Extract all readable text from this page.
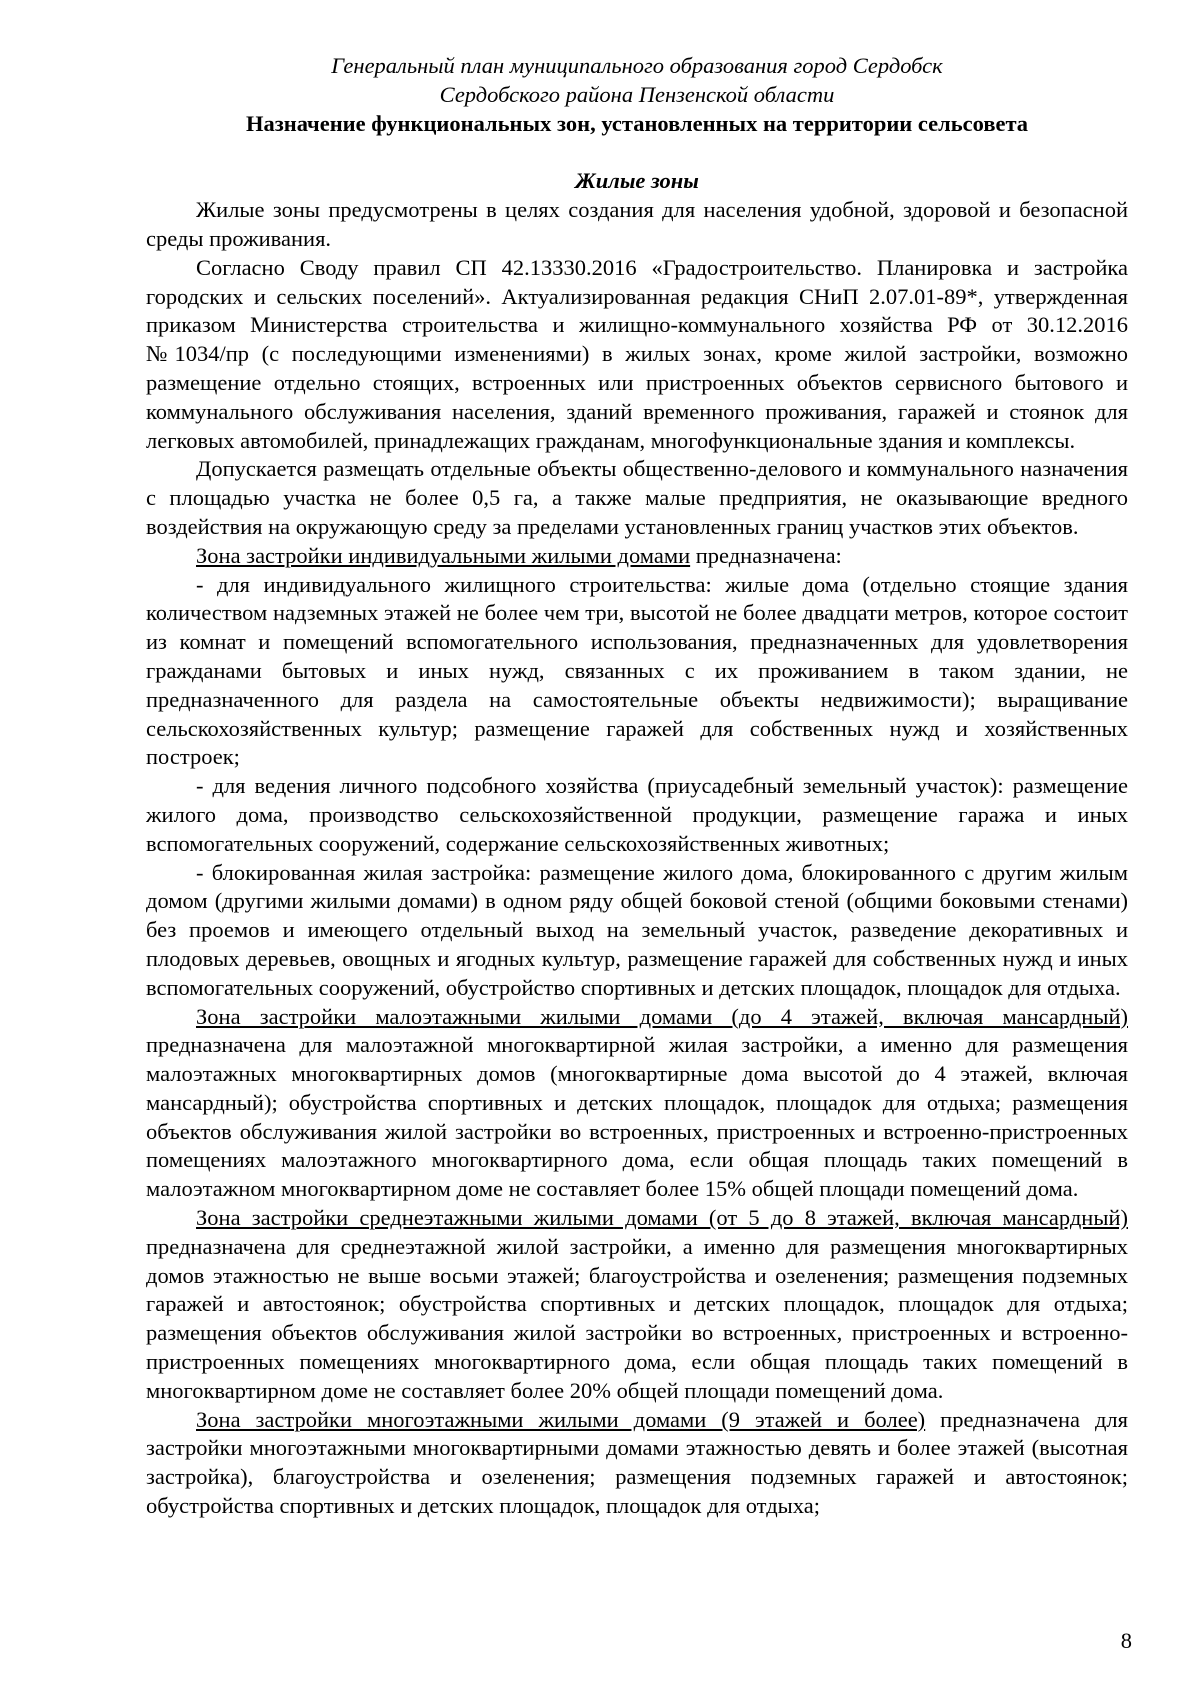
Генеральный план муниципального образования город Сердобск
Сердобского района Пензенской области
Назначение функциональных зон, установленных на территории сельсовета
Жилые зоны

Жилые зоны предусмотрены в целях создания для населения удобной, здоровой и безопасной среды проживания.

Согласно Своду правил СП 42.13330.2016 «Градостроительство. Планировка и застройка городских и сельских поселений». Актуализированная редакция СНиП 2.07.01-89*, утвержденная приказом Министерства строительства и жилищно-коммунального хозяйства РФ от 30.12.2016 №1034/пр (с последующими изменениями) в жилых зонах, кроме жилой застройки, возможно размещение отдельно стоящих, встроенных или пристроенных объектов сервисного бытового и коммунального обслуживания населения, зданий временного проживания, гаражей и стоянок для легковых автомобилей, принадлежащих гражданам, многофункциональные здания и комплексы.

Допускается размещать отдельные объекты общественно-делового и коммунального назначения с площадью участка не более 0,5 га, а также малые предприятия, не оказывающие вредного воздействия на окружающую среду за пределами установленных границ участков этих объектов.

Зона застройки индивидуальными жилыми домами предназначена:

- для индивидуального жилищного строительства: жилые дома (отдельно стоящие здания количеством надземных этажей не более чем три, высотой не более двадцати метров, которое состоит из комнат и помещений вспомогательного использования, предназначенных для удовлетворения гражданами бытовых и иных нужд, связанных с их проживанием в таком здании, не предназначенного для раздела на самостоятельные объекты недвижимости); выращивание сельскохозяйственных культур; размещение гаражей для собственных нужд и хозяйственных построек;

- для ведения личного подсобного хозяйства (приусадебный земельный участок): размещение жилого дома, производство сельскохозяйственной продукции, размещение гаража и иных вспомогательных сооружений, содержание сельскохозяйственных животных;

- блокированная жилая застройка: размещение жилого дома, блокированного с другим жилым домом (другими жилыми домами) в одном ряду общей боковой стеной (общими боковыми стенами) без проемов и имеющего отдельный выход на земельный участок, разведение декоративных и плодовых деревьев, овощных и ягодных культур, размещение гаражей для собственных нужд и иных вспомогательных сооружений, обустройство спортивных и детских площадок, площадок для отдыха.

Зона застройки малоэтажными жилыми домами (до 4 этажей, включая мансардный) предназначена для малоэтажной многоквартирной жилая застройки, а именно для размещения малоэтажных многоквартирных домов (многоквартирные дома высотой до 4 этажей, включая мансардный); обустройства спортивных и детских площадок, площадок для отдыха; размещения объектов обслуживания жилой застройки во встроенных, пристроенных и встроенно-пристроенных помещениях малоэтажного многоквартирного дома, если общая площадь таких помещений в малоэтажном многоквартирном доме не составляет более 15% общей площади помещений дома.

Зона застройки среднеэтажными жилыми домами (от 5 до 8 этажей, включая мансардный) предназначена для среднеэтажной жилой застройки, а именно для размещения многоквартирных домов этажностью не выше восьми этажей; благоустройства и озеленения; размещения подземных гаражей и автостоянок; обустройства спортивных и детских площадок, площадок для отдыха; размещения объектов обслуживания жилой застройки во встроенных, пристроенных и встроенно-пристроенных помещениях многоквартирного дома, если общая площадь таких помещений в многоквартирном доме не составляет более 20% общей площади помещений дома.

Зона застройки многоэтажными жилыми домами (9 этажей и более) предназначена для застройки многоэтажными многоквартирными домами этажностью девять и более этажей (высотная застройка), благоустройства и озеленения; размещения подземных гаражей и автостоянок; обустройства спортивных и детских площадок, площадок для отдыха;

8
